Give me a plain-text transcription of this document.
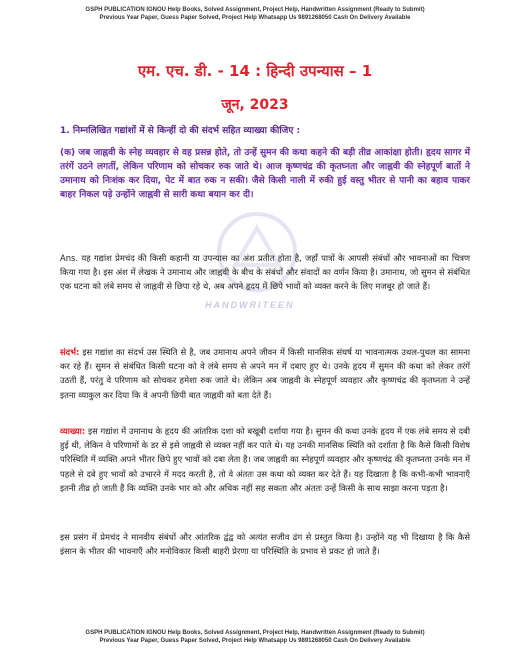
GSPH PUBLICATION IGNOU Help Books, Solved Assignment, Project Help, Handwritten Assignment (Ready to Submit)
Previous Year Paper, Guess Paper Solved, Project Help Whatsapp Us 9891268050 Cash On Delivery Available
HANDWRITEEN
एम. एच. डी. - 14 : हिन्दी उपन्यास – 1
जून, 2023
1. निम्नलिखित गद्यांशों में से किन्हीं दो की संदर्भ सहित व्याख्या कीजिए :
(क) जब जाह्नवी के स्नेह व्यवहार से वह प्रसन्न होते, तो उन्हें सुमन की कथा कहने की बड़ी तीव्र आकांक्षा होती। हृदय सागर में तरंगें उठने लगतीं, लेकिन परिणाम को सोचकर रुक जाते थे। आज कृष्णचंद्र की कृतघ्नता और जाह्नवी की स्नेहपूर्ण बातों ने उमानाथ को निःशंक कर दिया, पेट में बात रुक न सकी। जैसे किसी नाली में रुकी हुई वस्तु भीतर से पानी का बहाव पाकर बाहर निकल पड़े उन्होंने जाह्नवी से सारी कथा बयान कर दी।
Ans. यह गद्यांश प्रेमचंद की किसी कहानी या उपन्यास का अंश प्रतीत होता है, जहाँ पात्रों के आपसी संबंधों और भावनाओं का चित्रण किया गया है। इस अंश में लेखक ने उमानाथ और जाह्नवी के बीच के संबंधों और संवादों का वर्णन किया है। उमानाथ, जो सुमन से संबंधित एक घटना को लंबे समय से जाह्नवी से छिपा रहे थे, अब अपने हृदय में छिपे भावों को व्यक्त करने के लिए मजबूर हो जाते हैं।
संदर्भ: इस गद्यांश का संदर्भ उस स्थिति से है, जब उमानाथ अपने जीवन में किसी मानसिक संघर्ष या भावनात्मक उथल-पुथल का सामना कर रहे हैं। सुमन से संबंधित किसी घटना को वे लंबे समय से अपने मन में दबाए हुए थे। उनके हृदय में सुमन की कथा को लेकर तरंगें उठती हैं, परंतु वे परिणाम को सोचकर हमेशा रुक जाते थे। लेकिन अब जाह्नवी के स्नेहपूर्ण व्यवहार और कृष्णचंद्र की कृतघ्नता ने उन्हें इतना व्याकुल कर दिया कि वे अपनी छिपी बात जाह्नवी को बता देते हैं।
व्याख्या: इस गद्यांश में उमानाथ के हृदय की आंतरिक दशा को बखूबी दर्शाया गया है। सुमन की कथा उनके हृदय में एक लंबे समय से दबी हुई थी, लेकिन वे परिणामों के डर से इसे जाह्नवी से व्यक्त नहीं कर पाते थे। यह उनकी मानसिक स्थिति को दर्शाता है कि कैसे किसी विशेष परिस्थिति में व्यक्ति अपने भीतर छिपे हुए भावों को दबा लेता है। जब जाह्नवी का स्नेहपूर्ण व्यवहार और कृष्णचंद्र की कृतघ्नता उनके मन में पहले से दबे हुए भावों को उभारने में मदद करती है, तो वे अंततः उस कथा को व्यक्त कर देते हैं। यह दिखाता है कि कभी-कभी भावनाएँ इतनी तीव्र हो जाती हैं कि व्यक्ति उनके भार को और अधिक नहीं सह सकता और अंततः उन्हें किसी के साथ साझा करना पड़ता है।
इस प्रसंग में प्रेमचंद ने मानवीय संबंधों और आंतरिक द्वंद्व को अत्यंत सजीव ढंग से प्रस्तुत किया है। उन्होंने यह भी दिखाया है कि कैसे इंसान के भीतर की भावनाएँ और मनोविकार किसी बाहरी प्रेरणा या परिस्थिति के प्रभाव से प्रकट हो जाते हैं।
GSPH PUBLICATION IGNOU Help Books, Solved Assignment, Project Help, Handwritten Assignment (Ready to Submit)
Previous Year Paper, Guess Paper Solved, Project Help Whatsapp Us 9891268050 Cash On Delivery Available
